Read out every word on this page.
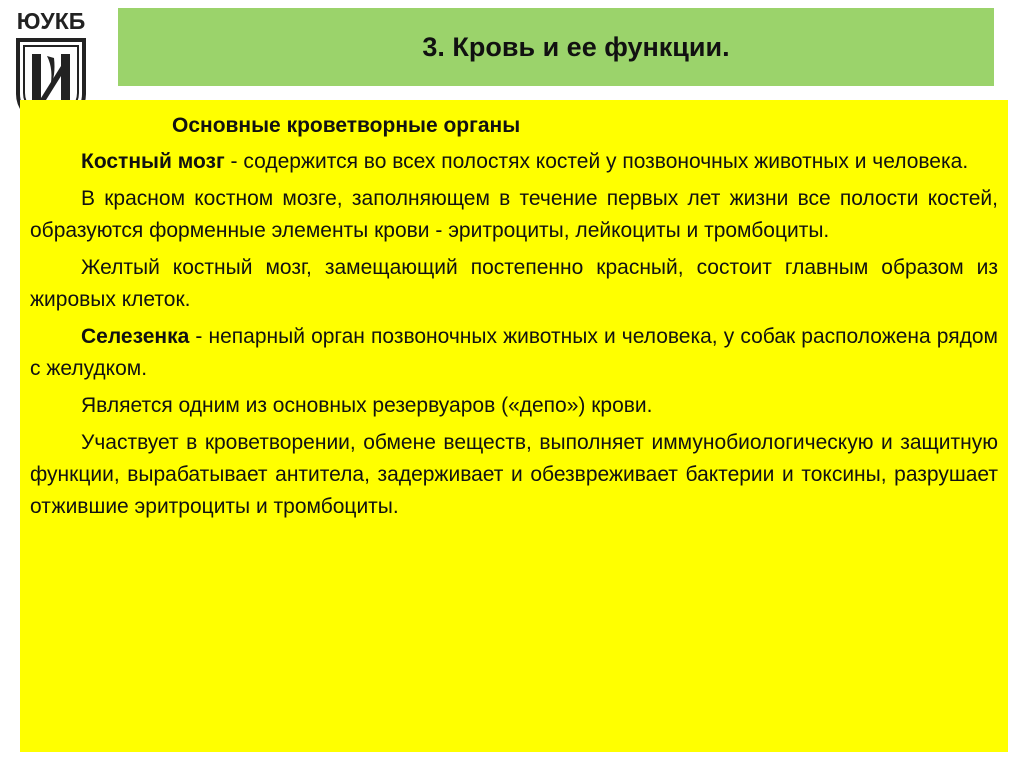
ЮУКБ
3. Кровь и ее функции.
Основные кроветворные органы

Костный мозг - содержится во всех полостях костей у позвоночных животных и человека.

В красном костном мозге, заполняющем в течение первых лет жизни все полости костей, образуются форменные элементы крови - эритроциты, лейкоциты и тромбоциты.

Желтый костный мозг, замещающий постепенно красный, состоит главным образом из жировых клеток.

Селезенка - непарный орган позвоночных животных и человека, у собак расположена рядом с желудком.

Является одним из основных резервуаров («депо») крови.

Участвует в кроветворении, обмене веществ, выполняет иммунобиологическую и защитную функции, вырабатывает антитела, задерживает и обезвреживает бактерии и токсины, разрушает отжившие эритроциты и тромбоциты.
